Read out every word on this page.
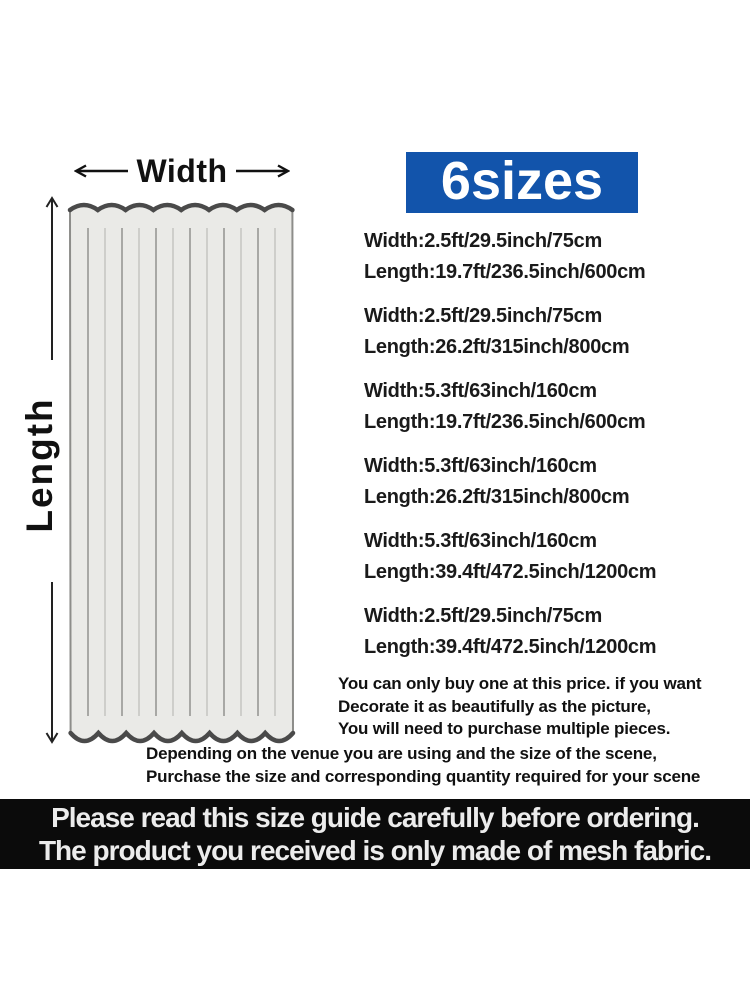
Width
Length
6sizes
Width:2.5ft/29.5inch/75cm
Length:19.7ft/236.5inch/600cm
Width:2.5ft/29.5inch/75cm
Length:26.2ft/315inch/800cm
Width:5.3ft/63inch/160cm
Length:19.7ft/236.5inch/600cm
Width:5.3ft/63inch/160cm
Length:26.2ft/315inch/800cm
Width:5.3ft/63inch/160cm
Length:39.4ft/472.5inch/1200cm
Width:2.5ft/29.5inch/75cm
Length:39.4ft/472.5inch/1200cm
You can only buy one at this price. if you want
Decorate it as beautifully as the picture,
You will need to purchase multiple pieces.
Depending on the venue you are using and the size of the scene,
Purchase the size and corresponding quantity required for your scene
Please read this size guide carefully before ordering.
The product you received is only made of mesh fabric.
